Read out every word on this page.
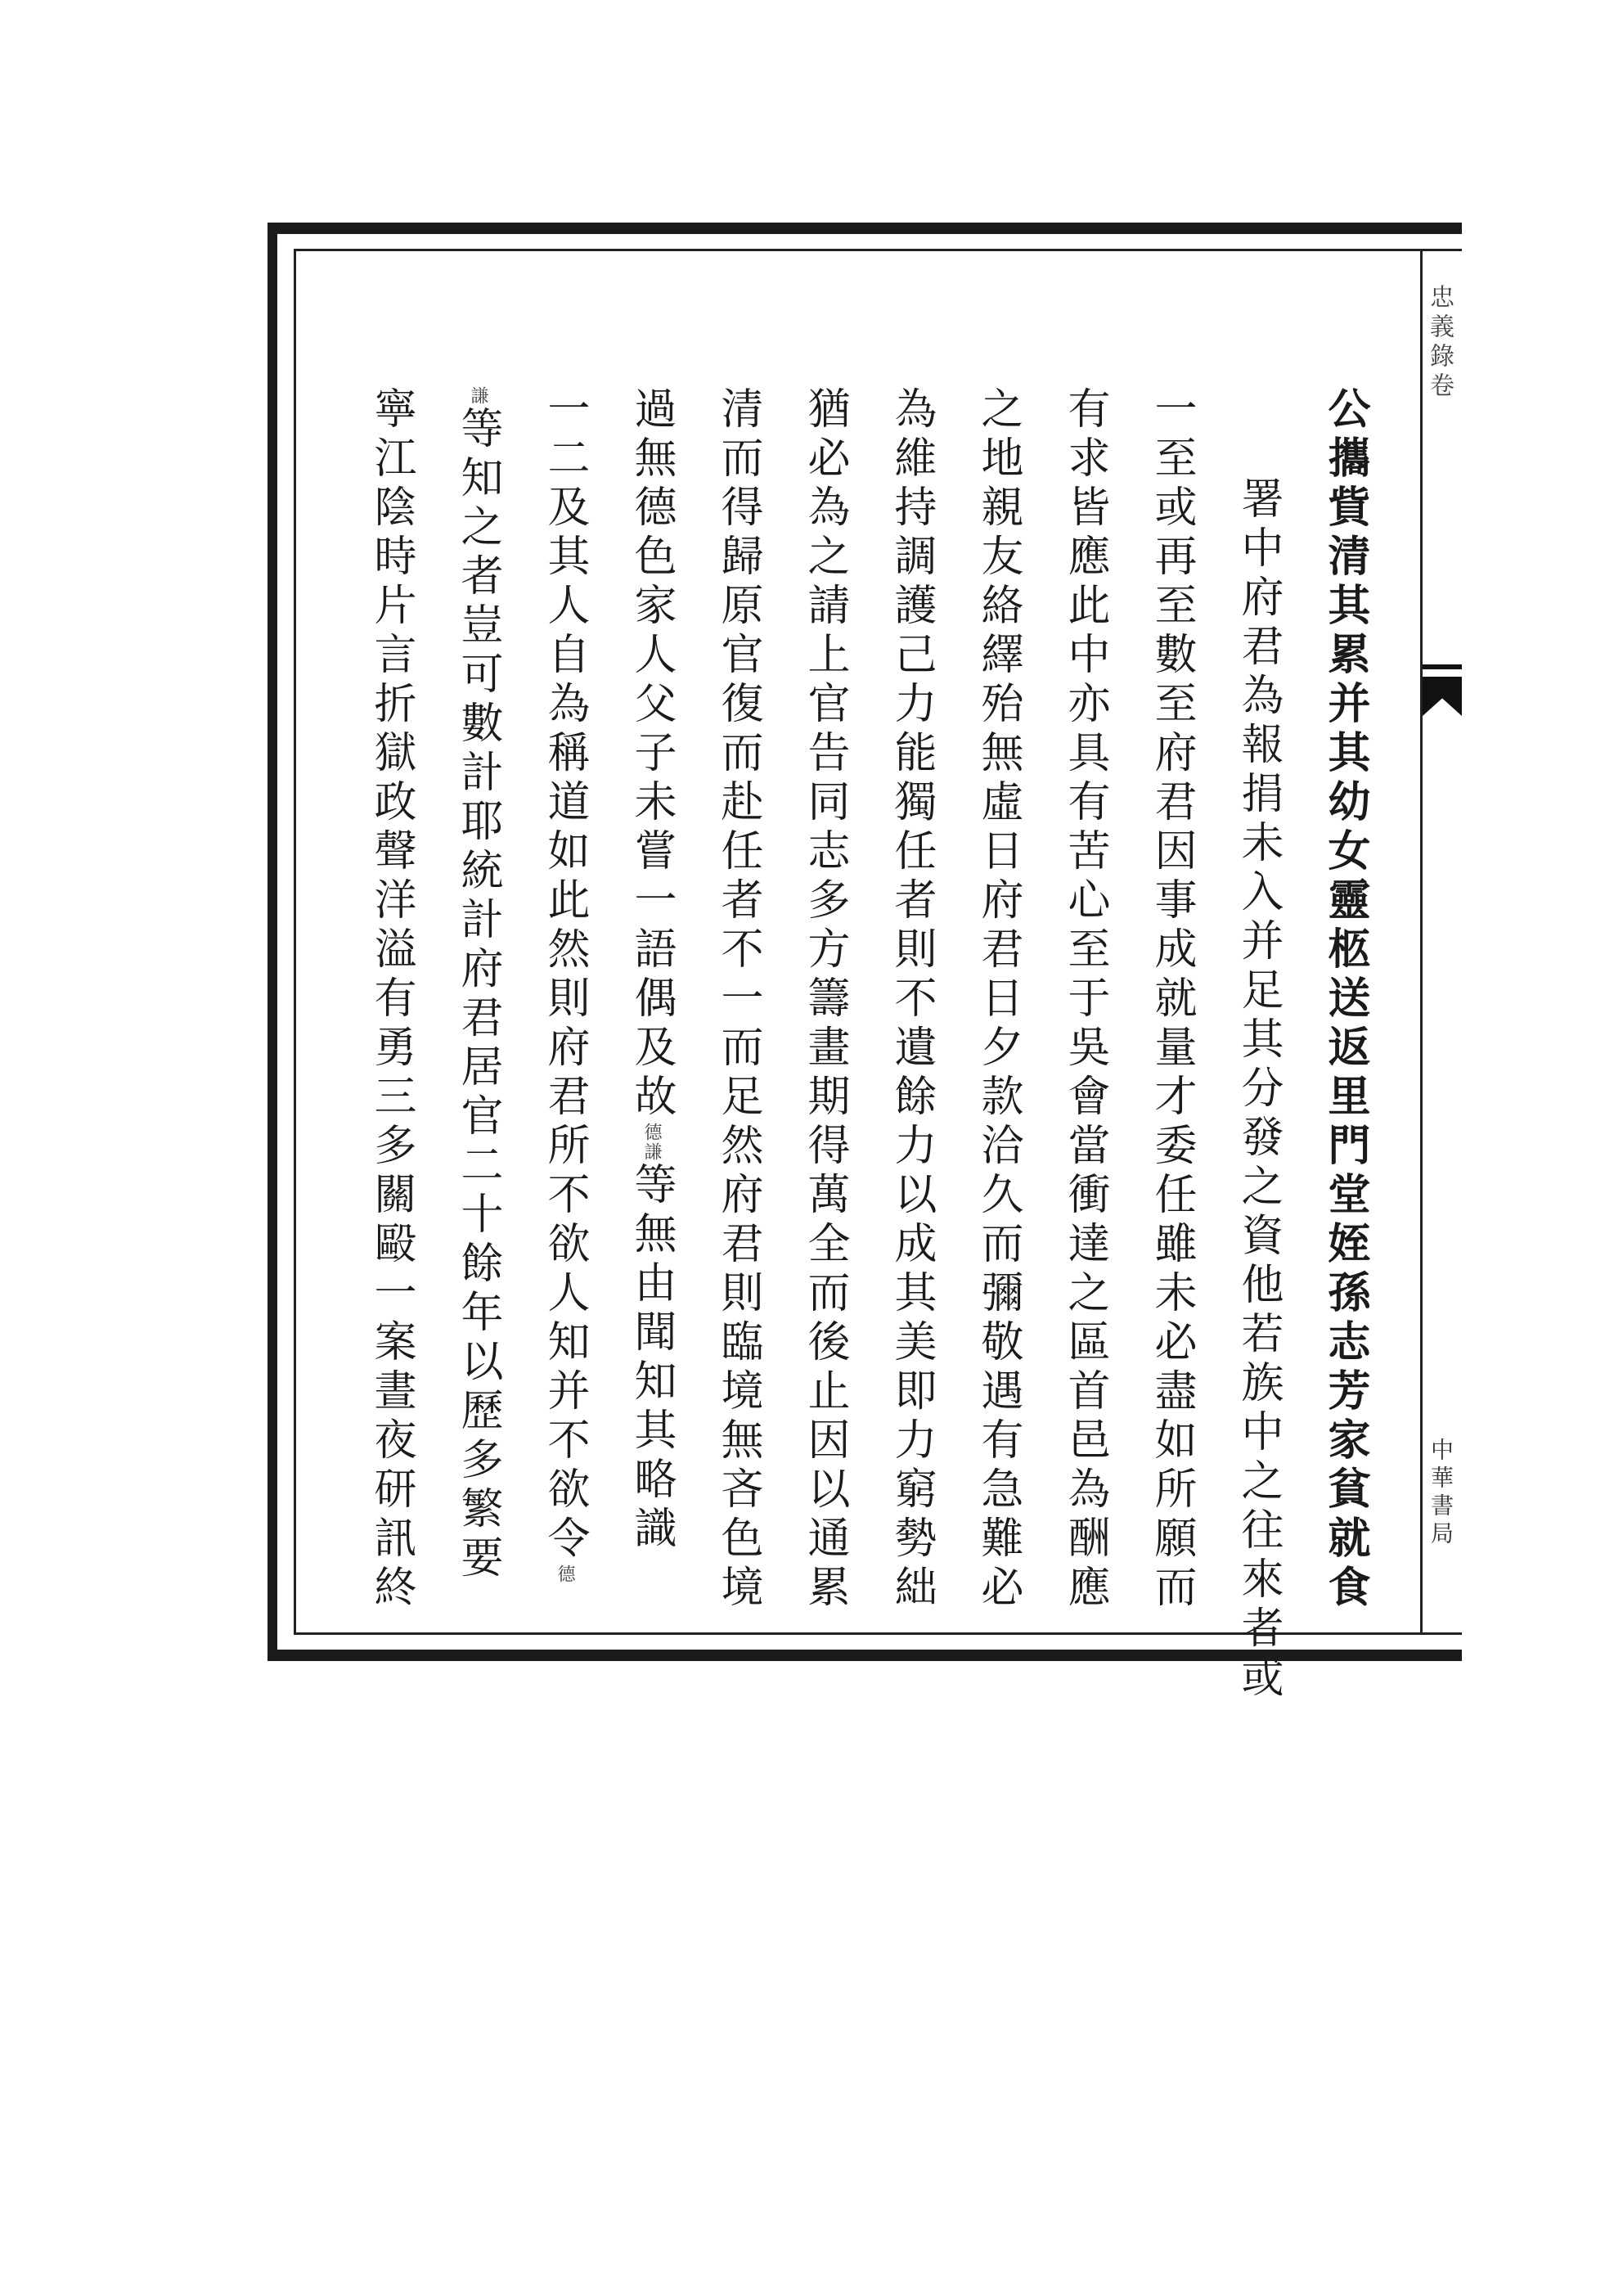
忠義錄卷
中華書局
公攜貲清其累并其幼女靈柩送返里門堂姪孫志芳家貧就食
署中府君為報捐未入并足其分發之資他若族中之往來者或
一至或再至數至府君因事成就量才委任雖未必盡如所願而
有求皆應此中亦具有苦心至于吳會當衝達之區首邑為酬應
之地親友絡繹殆無虛日府君日夕款洽久而彌敬遇有急難必
為維持調護己力能獨任者則不遺餘力以成其美即力窮勢絀
猶必為之請上官告同志多方籌畫期得萬全而後止因以通累
清而得歸原官復而赴任者不一而足然府君則臨境無吝色境
過無德色家人父子未嘗一語偶及故$^{德謙}$等無由聞知其略識
一二及其人自為稱道如此然則府君所不欲人知并不欲令$^德$
$^謙$等知之者豈可數計耶統計府君居官二十餘年以歷多繁要
寧江陰時片言折獄政聲洋溢有勇三多關毆一案晝夜研訊終
